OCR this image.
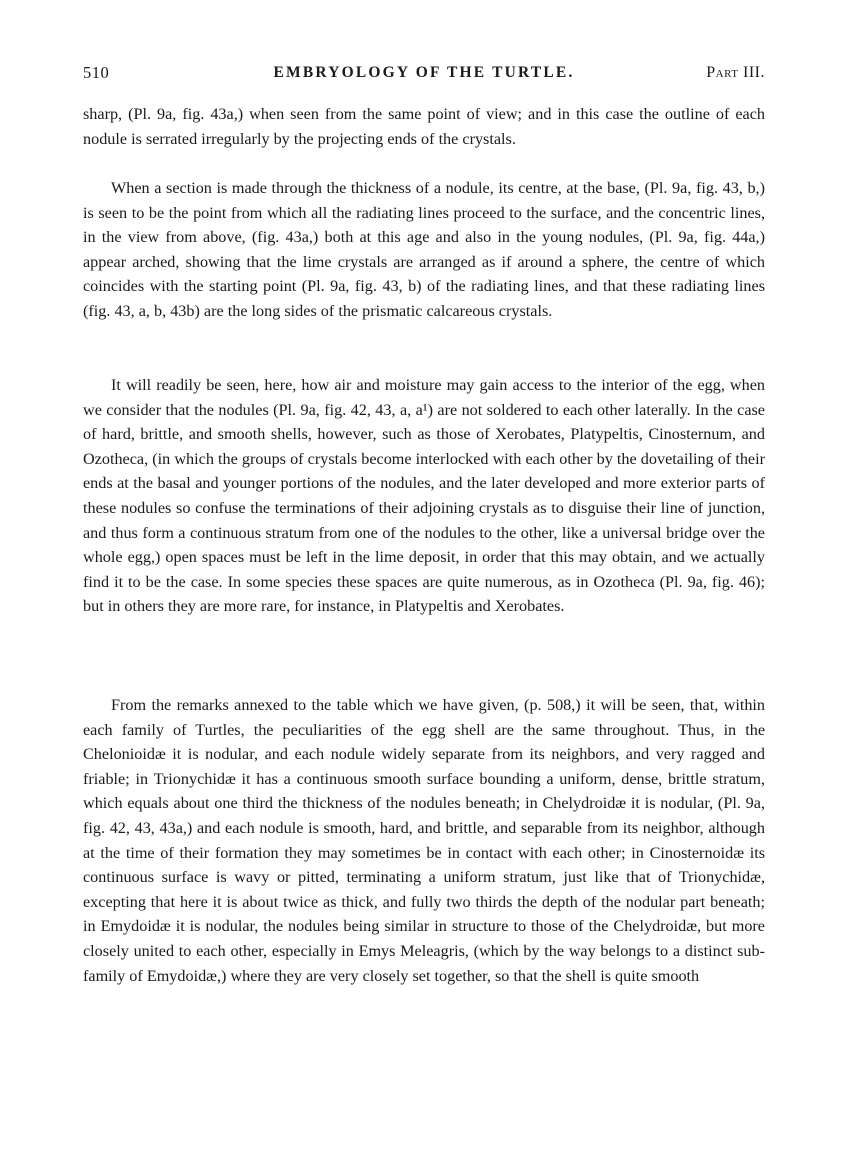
510	EMBRYOLOGY OF THE TURTLE.	Part III.

sharp, (Pl. 9a, fig. 43a,) when seen from the same point of view; and in this case the outline of each nodule is serrated irregularly by the projecting ends of the crystals.

When a section is made through the thickness of a nodule, its centre, at the base, (Pl. 9a, fig. 43, b,) is seen to be the point from which all the radiating lines proceed to the surface, and the concentric lines, in the view from above, (fig. 43a,) both at this age and also in the young nodules, (Pl. 9a, fig. 44a,) appear arched, showing that the lime crystals are arranged as if around a sphere, the centre of which coincides with the starting point (Pl. 9a, fig. 43, b) of the radiating lines, and that these radiating lines (fig. 43, a, b, 43b) are the long sides of the prismatic calcareous crystals.

It will readily be seen, here, how air and moisture may gain access to the interior of the egg, when we consider that the nodules (Pl. 9a, fig. 42, 43, a, a¹) are not soldered to each other laterally. In the case of hard, brittle, and smooth shells, however, such as those of Xerobates, Platypeltis, Cinosternum, and Ozotheca, (in which the groups of crystals become interlocked with each other by the dovetailing of their ends at the basal and younger portions of the nodules, and the later developed and more exterior parts of these nodules so confuse the terminations of their adjoining crystals as to disguise their line of junction, and thus form a continuous stratum from one of the nodules to the other, like a universal bridge over the whole egg,) open spaces must be left in the lime deposit, in order that this may obtain, and we actually find it to be the case. In some species these spaces are quite numerous, as in Ozotheca (Pl. 9a, fig. 46); but in others they are more rare, for instance, in Platypeltis and Xerobates.

From the remarks annexed to the table which we have given, (p. 508,) it will be seen, that, within each family of Turtles, the peculiarities of the egg shell are the same throughout. Thus, in the Chelonioidæ it is nodular, and each nodule widely separate from its neighbors, and very ragged and friable; in Trionychidæ it has a continuous smooth surface bounding a uniform, dense, brittle stratum, which equals about one third the thickness of the nodules beneath; in Chelydroidæ it is nodular, (Pl. 9a, fig. 42, 43, 43a,) and each nodule is smooth, hard, and brittle, and separable from its neighbor, although at the time of their formation they may sometimes be in contact with each other; in Cinosternoidæ its continuous surface is wavy or pitted, terminating a uniform stratum, just like that of Trionychidæ, excepting that here it is about twice as thick, and fully two thirds the depth of the nodular part beneath; in Emydoidæ it is nodular, the nodules being similar in structure to those of the Chelydroidæ, but more closely united to each other, especially in Emys Meleagris, (which by the way belongs to a distinct sub-family of Emydoidæ,) where they are very closely set together, so that the shell is quite smooth
